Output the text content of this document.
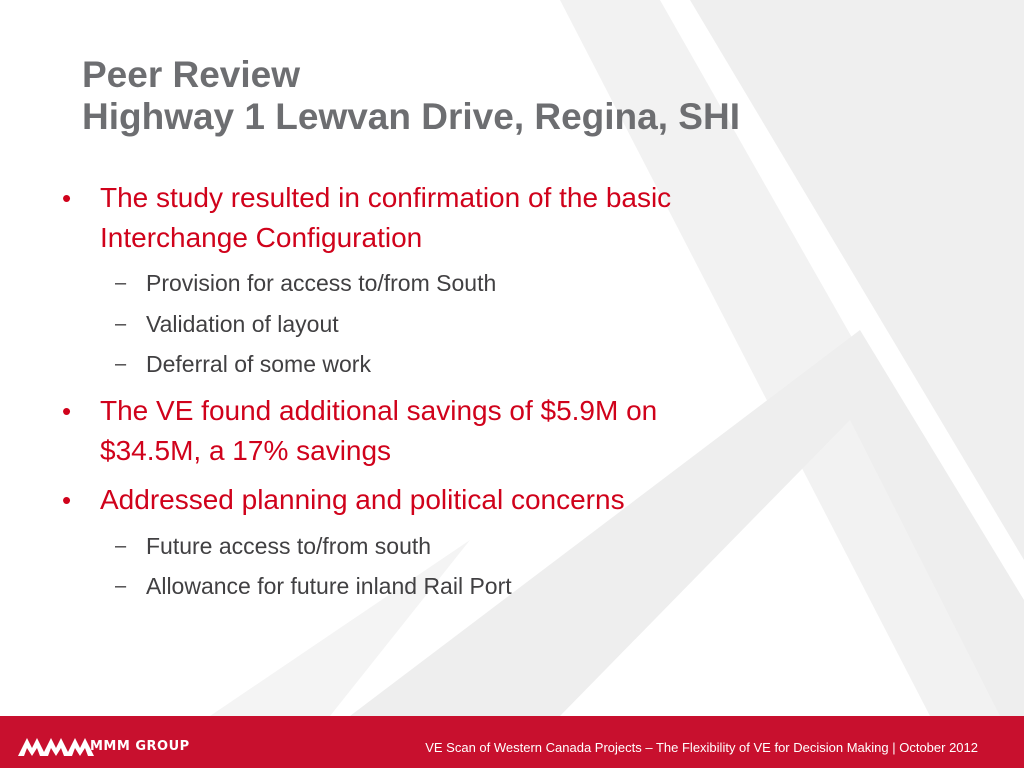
Peer Review
Highway 1 Lewvan Drive, Regina, SHI
• The study resulted in confirmation of the basic
Interchange Configuration
– Provision for access to/from South
– Validation of layout
– Deferral of some work
• The VE found additional savings of $5.9M on
$34.5M, a 17% savings
• Addressed planning and political concerns
– Future access to/from south
– Allowance for future inland Rail Port
MMM GROUP	VE Scan of Western Canada Projects – The Flexibility of VE for Decision Making | October 2012
